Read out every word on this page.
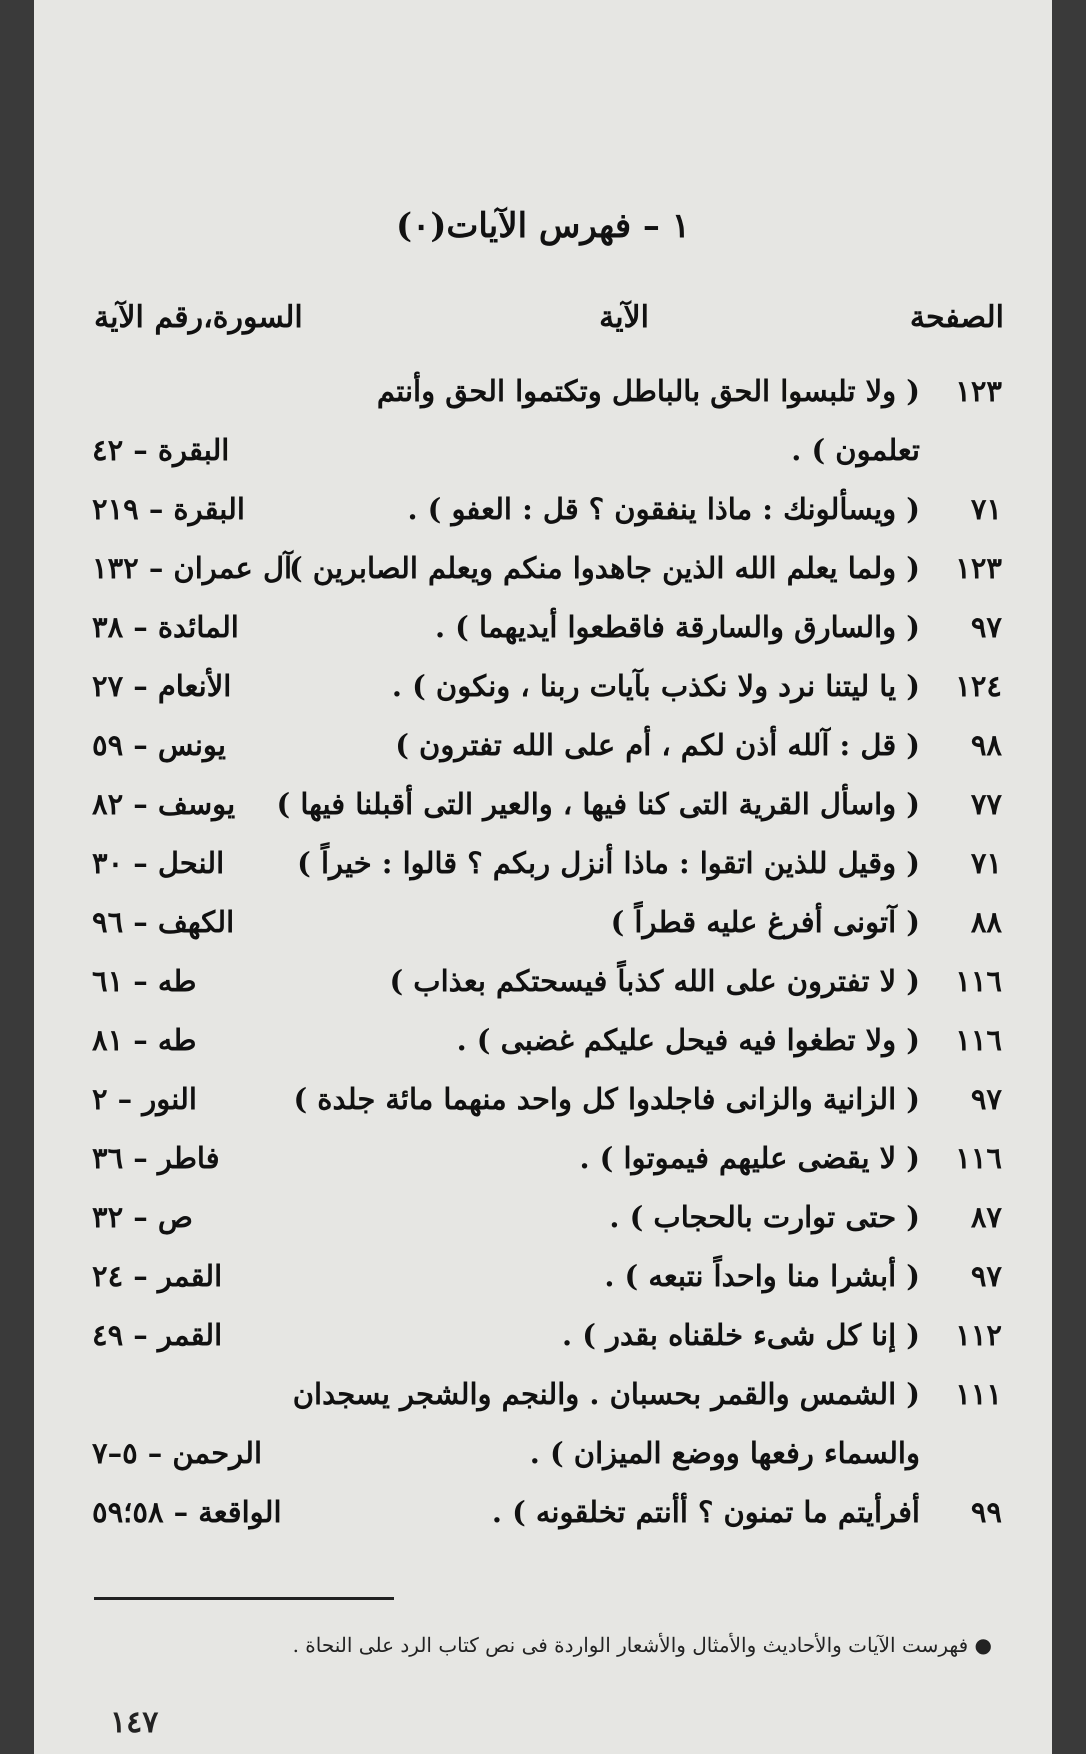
١ – فهرس الآيات(٠)
الصفحة
الآية
السورة،رقم الآية
١٢٣
( ولا تلبسوا الحق بالباطل وتكتموا الحق وأنتم
تعلمون ) .
البقرة – ٤٢
٧١
( ويسألونك : ماذا ينفقون ؟ قل : العفو ) .
البقرة – ٢١٩
١٢٣
( ولما يعلم الله الذين جاهدوا منكم ويعلم الصابرين )
آل عمران – ١٣٢
٩٧
( والسارق والسارقة فاقطعوا أيديهما ) .
المائدة – ٣٨
١٢٤
( يا ليتنا نرد ولا نكذب بآيات ربنا ، ونكون ) .
الأنعام – ٢٧
٩٨
( قل : آلله أذن لكم ، أم على الله تفترون )
يونس – ٥٩
٧٧
( واسأل القرية التى كنا فيها ، والعير التى أقبلنا فيها )
يوسف – ٨٢
٧١
( وقيل للذين اتقوا : ماذا أنزل ربكم ؟ قالوا : خيراً )
النحل – ٣٠
٨٨
( آتونى أفرغ عليه قطراً )
الكهف – ٩٦
١١٦
( لا تفترون على الله كذباً فيسحتكم بعذاب )
طه – ٦١
١١٦
( ولا تطغوا فيه فيحل عليكم غضبى ) .
طه – ٨١
٩٧
( الزانية والزانى فاجلدوا كل واحد منهما مائة جلدة )
النور – ٢
١١٦
( لا يقضى عليهم فيموتوا ) .
فاطر – ٣٦
٨٧
( حتى توارت بالحجاب ) .
ص – ٣٢
٩٧
( أبشرا منا واحداً نتبعه ) .
القمر – ٢٤
١١٢
( إنا كل شىء خلقناه بقدر ) .
القمر – ٤٩
١١١
( الشمس والقمر بحسبان . والنجم والشجر يسجدان
والسماء رفعها ووضع الميزان ) .
الرحمن – ٥–٧
٩٩
أفرأيتم ما تمنون ؟ أأنتم تخلقونه ) .
الواقعة – ٥٨؛٥٩
● فهرست الآيات والأحاديث والأمثال والأشعار الواردة فى نص كتاب الرد على النحاة .
١٤٧
